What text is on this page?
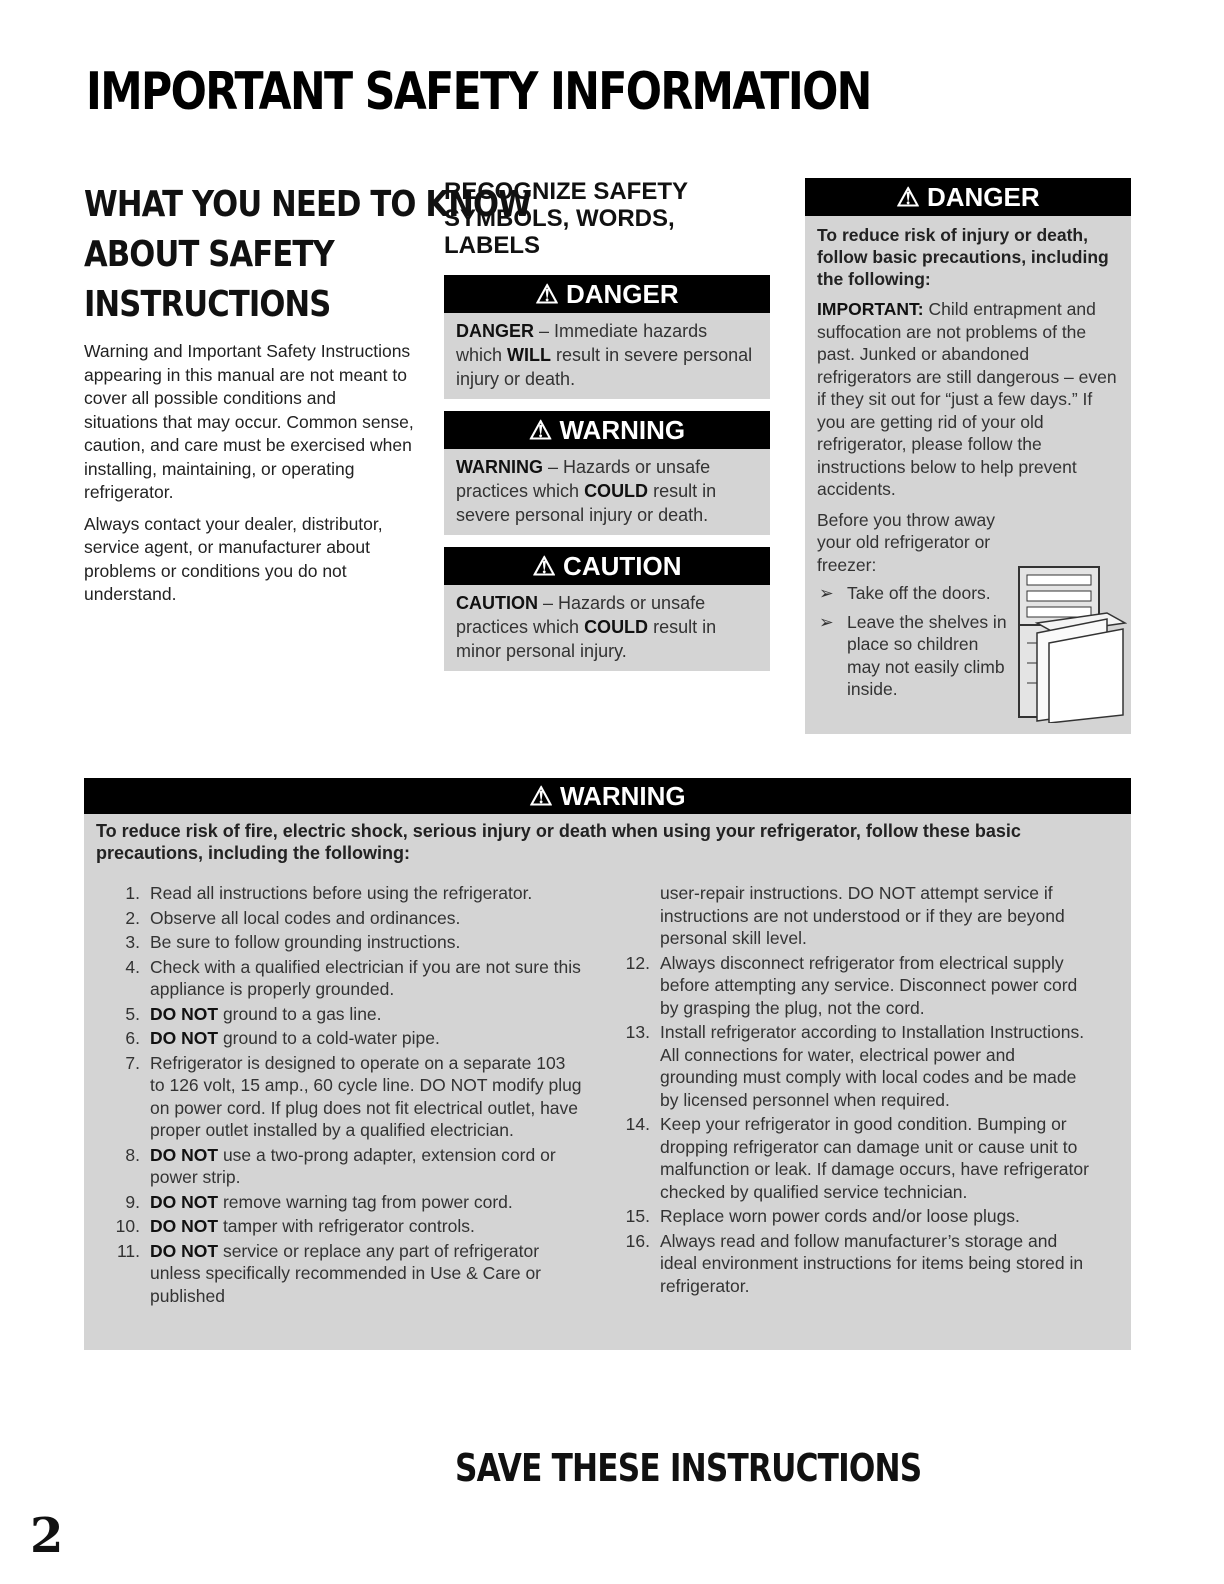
IMPORTANT SAFETY INFORMATION
WHAT YOU NEED TO KNOW
ABOUT SAFETY
INSTRUCTIONS

Warning and Important Safety Instructions appearing in this manual are not meant to cover all possible conditions and situations that may occur. Common sense, caution, and care must be exercised when installing, maintaining, or operating refrigerator.

Always contact your dealer, distributor, service agent, or manufacturer about problems or conditions you do not understand.

RECOGNIZE SAFETY SYMBOLS, WORDS, LABELS
⚠ DANGER
DANGER – Immediate hazards which WILL result in severe personal injury or death.
⚠ WARNING
WARNING – Hazards or unsafe practices which COULD result in severe personal injury or death.
⚠ CAUTION
CAUTION – Hazards or unsafe practices which COULD result in minor personal injury.
⚠ DANGER
To reduce risk of injury or death, follow basic precautions, including the following:
IMPORTANT: Child entrapment and suffocation are not problems of the past. Junked or abandoned refrigerators are still dangerous – even if they sit out for “just a few days.” If you are getting rid of your old refrigerator, please follow the instructions below to help prevent accidents.
Before you throw away your old refrigerator or freezer:
➢ Take off the doors.
➢ Leave the shelves in place so children may not easily climb inside.
⚠ WARNING
To reduce risk of fire, electric shock, serious injury or death when using your refrigerator, follow these basic precautions, including the following:
1. Read all instructions before using the refrigerator.
2. Observe all local codes and ordinances.
3. Be sure to follow grounding instructions.
4. Check with a qualified electrician if you are not sure this appliance is properly grounded.
5. DO NOT ground to a gas line.
6. DO NOT ground to a cold-water pipe.
7. Refrigerator is designed to operate on a separate 103 to 126 volt, 15 amp., 60 cycle line. DO NOT modify plug on power cord. If plug does not fit electrical outlet, have proper outlet installed by a qualified electrician.
8. DO NOT use a two-prong adapter, extension cord or power strip.
9. DO NOT remove warning tag from power cord.
10. DO NOT tamper with refrigerator controls.
11. DO NOT service or replace any part of refrigerator unless specifically recommended in Use & Care or published
user-repair instructions. DO NOT attempt service if instructions are not understood or if they are beyond personal skill level.
12. Always disconnect refrigerator from electrical supply before attempting any service. Disconnect power cord by grasping the plug, not the cord.
13. Install refrigerator according to Installation Instructions. All connections for water, electrical power and grounding must comply with local codes and be made by licensed personnel when required.
14. Keep your refrigerator in good condition. Bumping or dropping refrigerator can damage unit or cause unit to malfunction or leak. If damage occurs, have refrigerator checked by qualified service technician.
15. Replace worn power cords and/or loose plugs.
16. Always read and follow manufacturer’s storage and ideal environment instructions for items being stored in refrigerator.
SAVE THESE INSTRUCTIONS
2
